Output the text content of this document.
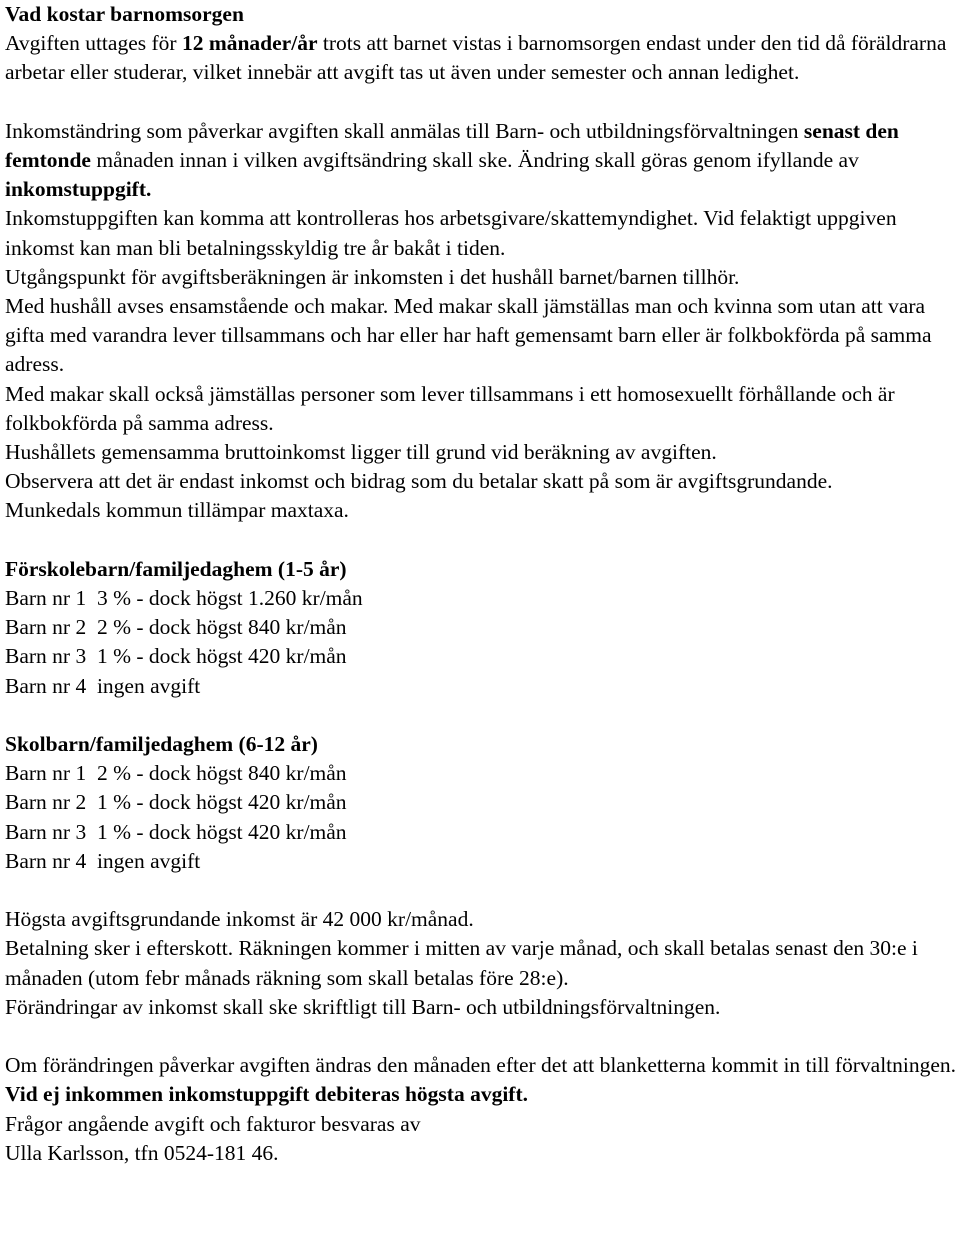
Vad kostar barnomsorgen

Avgiften uttages för 12 månader/år trots att barnet vistas i barnomsorgen endast under den tid då föräldrarna arbetar eller studerar, vilket innebär att avgift tas ut även under semester och annan ledighet.

Inkomständring som påverkar avgiften skall anmälas till Barn- och utbildningsförvaltningen senast den femtonde månaden innan i vilken avgiftsändring skall ske. Ändring skall göras genom ifyllande av inkomstuppgift.

Inkomstuppgiften kan komma att kontrolleras hos arbetsgivare/skattemyndighet. Vid felaktigt uppgiven inkomst kan man bli betalningsskyldig tre år bakåt i tiden.

Utgångspunkt för avgiftsberäkningen är inkomsten i det hushåll barnet/barnen tillhör.

Med hushåll avses ensamstående och makar. Med makar skall jämställas man och kvinna som utan att vara gifta med varandra lever tillsammans och har eller har haft gemensamt barn eller är folkbokförda på samma adress.

Med makar skall också jämställas personer som lever tillsammans i ett homosexuellt förhållande och är folkbokförda på samma adress.

Hushållets gemensamma bruttoinkomst ligger till grund vid beräkning av avgiften.

Observera att det är endast inkomst och bidrag som du betalar skatt på som är avgiftsgrundande.

Munkedals kommun tillämpar maxtaxa.

Förskolebarn/familjedaghem (1-5 år)

Barn nr 1  3 % - dock högst 1.260 kr/mån

Barn nr 2  2 % - dock högst 840 kr/mån

Barn nr 3  1 % - dock högst 420 kr/mån

Barn nr 4  ingen avgift

Skolbarn/familjedaghem (6-12 år)

Barn nr 1  2 % - dock högst 840 kr/mån

Barn nr 2  1 % - dock högst 420 kr/mån

Barn nr 3  1 % - dock högst 420 kr/mån

Barn nr 4  ingen avgift

Högsta avgiftsgrundande inkomst är 42 000 kr/månad.

Betalning sker i efterskott. Räkningen kommer i mitten av varje månad, och skall betalas senast den 30:e i månaden (utom febr månads räkning som skall betalas före 28:e).

Förändringar av inkomst skall ske skriftligt till Barn- och utbildningsförvaltningen.

Om förändringen påverkar avgiften ändras den månaden efter det att blanketterna kommit in till förvaltningen.

Vid ej inkommen inkomstuppgift debiteras högsta avgift.

Frågor angående avgift och fakturor besvaras av

Ulla Karlsson, tfn 0524-181 46.
